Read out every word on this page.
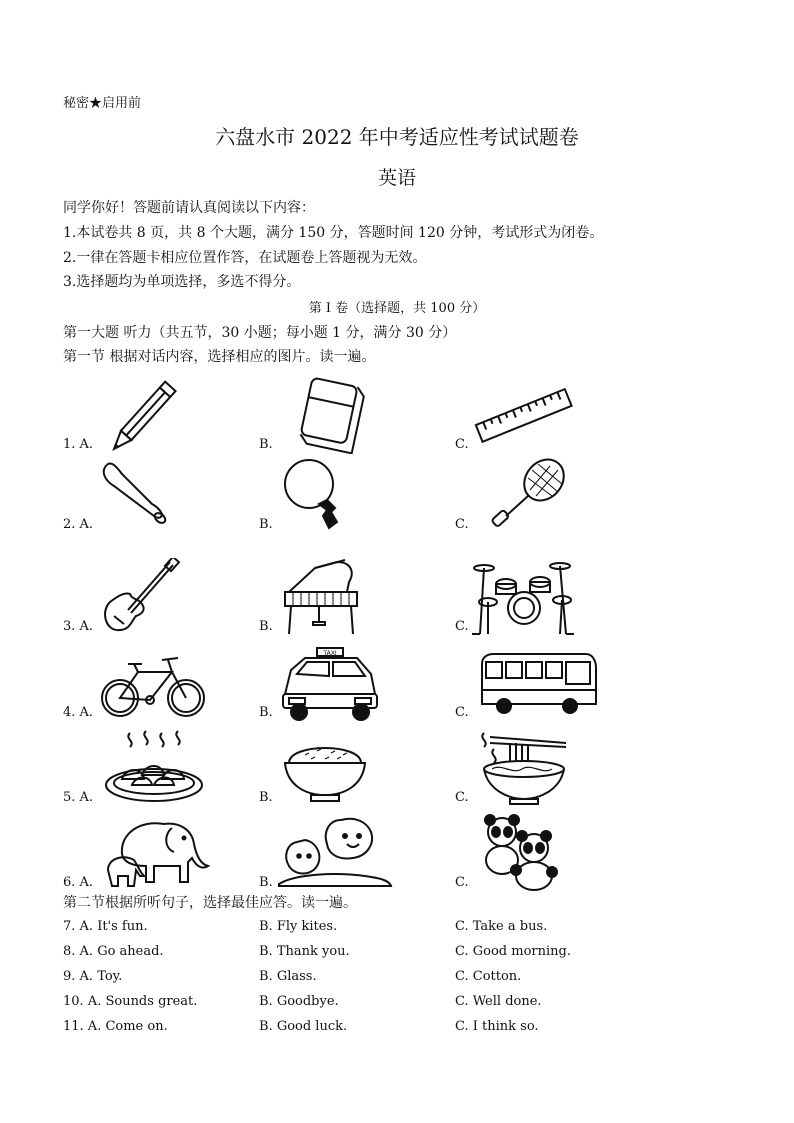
秘密★启用前
六盘水市 2022 年中考适应性考试试题卷
英语
同学你好！答题前请认真阅读以下内容：
1.本试卷共 8 页，共 8 个大题，满分 150 分，答题时间 120 分钟，考试形式为闭卷。
2.一律在答题卡相应位置作答，在试题卷上答题视为无效。
3.选择题均为单项选择，多选不得分。
第 I 卷（选择题，共 100 分）
第一大题 听力（共五节，30 小题；每小题 1 分，满分 30 分）
第一节 根据对话内容，选择相应的图片。读一遍。
1. A.	B.	C.
2. A.	B.	C.
3. A.	B.	C.
4. A.	B.	C.
TAXI
5. A.	B.	C.
6. A.	B.	C.
第二节根据所听句子，选择最佳应答。读一遍。
7. A. It's fun.	B. Fly kites.	C. Take a bus.
8. A. Go ahead.	B. Thank you.	C. Good morning.
9. A. Toy.	B. Glass.	C. Cotton.
10. A. Sounds great.	B. Goodbye.	C. Well done.
11. A. Come on.	B. Good luck.	C. I think so.
